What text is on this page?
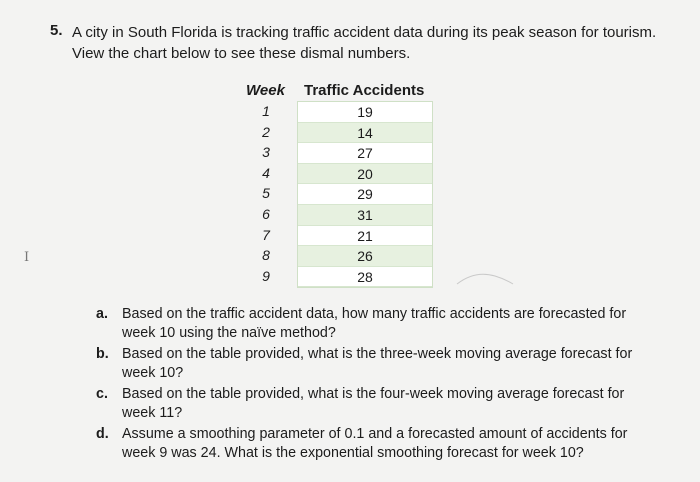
5. A city in South Florida is tracking traffic accident data during its peak season for tourism. View the chart below to see these dismal numbers.
I
Week Traffic Accidents
1
2
3
4
5
6
7
8
9
19
14
27
20
29
31
21
26
28
a. Based on the traffic accident data, how many traffic accidents are forecasted for week 10 using the naïve method?
b. Based on the table provided, what is the three-week moving average forecast for week 10?
c. Based on the table provided, what is the four-week moving average forecast for week 11?
d. Assume a smoothing parameter of 0.1 and a forecasted amount of accidents for week 9 was 24. What is the exponential smoothing forecast for week 10?
